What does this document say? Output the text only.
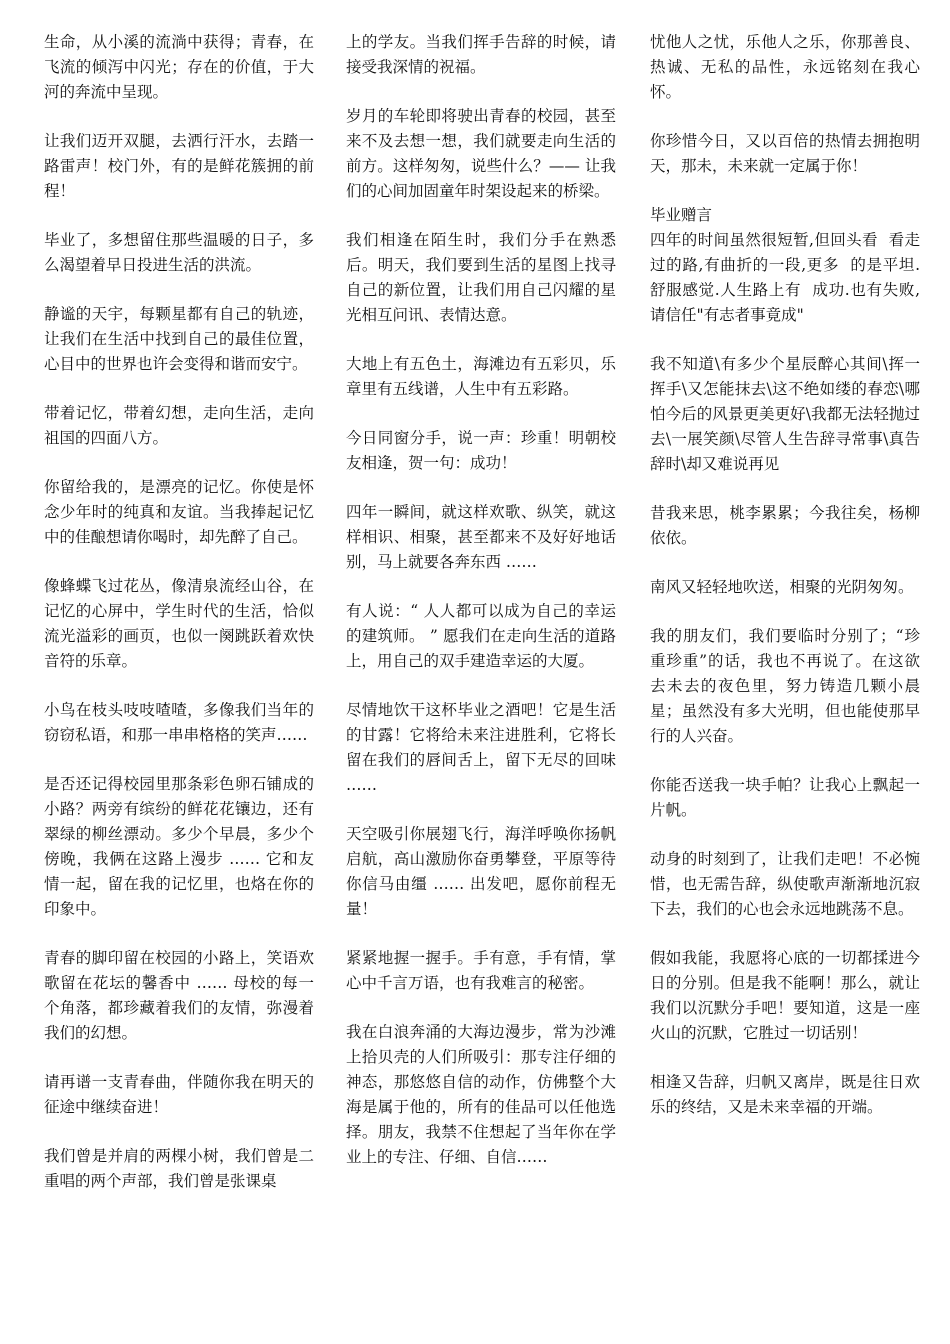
生命，从小溪的流淌中获得；青春，在飞流的倾泻中闪光；存在的价值，于大河的奔流中呈现。

让我们迈开双腿，去洒行汗水，去踏一路雷声！校门外，有的是鲜花簇拥的前程！

毕业了，多想留住那些温暖的日子，多么渴望着早日投进生活的洪流。

静谧的天宇，每颗星都有自己的轨迹，让我们在生活中找到自己的最佳位置，心目中的世界也许会变得和谐而安宁。

带着记忆，带着幻想，走向生活，走向祖国的四面八方。

你留给我的，是漂亮的记忆。你使是怀念少年时的纯真和友谊。当我捧起记忆中的佳酿想请你喝时，却先醉了自己。

像蜂蝶飞过花丛，像清泉流经山谷，在记忆的心屏中，学生时代的生活，恰似流光溢彩的画页，也似一阕跳跃着欢快音符的乐章。

小鸟在枝头吱吱喳喳，多像我们当年的窃窃私语，和那一串串格格的笑声……

是否还记得校园里那条彩色卵石铺成的小路？两旁有缤纷的鲜花花镶边，还有翠绿的柳丝漂动。多少个早晨，多少个傍晚，我俩在这路上漫步 …… 它和友情一起，留在我的记忆里，也烙在你的印象中。

青春的脚印留在校园的小路上，笑语欢歌留在花坛的馨香中 …… 母校的每一个角落，都珍藏着我们的友情，弥漫着我们的幻想。

请再谱一支青春曲，伴随你我在明天的征途中继续奋进！

我们曾是并肩的两棵小树，我们曾是二重唱的两个声部，我们曾是张课桌

上的学友。当我们挥手告辞的时候，请接受我深情的祝福。

岁月的车轮即将驶出青春的校园，甚至来不及去想一想，我们就要走向生活的前方。这样匆匆，说些什么？—— 让我们的心间加固童年时架设起来的桥梁。

我们相逢在陌生时，我们分手在熟悉后。明天，我们要到生活的星图上找寻自己的新位置，让我们用自己闪耀的星光相互问讯、表情达意。

大地上有五色土，海滩边有五彩贝，乐章里有五线谱，人生中有五彩路。

今日同窗分手，说一声：珍重！明朝校友相逢，贺一句：成功！

四年一瞬间，就这样欢歌、纵笑，就这样相识、相聚，甚至都来不及好好地话别，马上就要各奔东西 ……

有人说：“ 人人都可以成为自己的幸运的建筑师。 ” 愿我们在走向生活的道路上，用自己的双手建造幸运的大厦。

尽情地饮干这杯毕业之酒吧！它是生活的甘露！它将给未来注进胜利，它将长留在我们的唇间舌上，留下无尽的回味 ……

天空吸引你展翅飞行，海洋呼唤你扬帆启航，高山激励你奋勇攀登，平原等待你信马由缰 …… 出发吧，愿你前程无量！

紧紧地握一握手。手有意，手有情，掌心中千言万语，也有我难言的秘密。

我在白浪奔涌的大海边漫步，常为沙滩上拾贝壳的人们所吸引：那专注仔细的神态，那悠悠自信的动作，仿佛整个大海是属于他的，所有的佳品可以任他选择。朋友，我禁不住想起了当年你在学业上的专注、仔细、自信……

忧他人之忧，乐他人之乐，你那善良、热诚、无私的品性，永远铭刻在我心怀。

你珍惜今日，又以百倍的热情去拥抱明天，那未，未来就一定属于你！

毕业赠言
四年的时间虽然很短暂,但回头看  看走过的路,有曲折的一段,更多  的是平坦.舒服感觉.人生路上有  成功.也有失败,请信任"有志者事竟成"

我不知道\有多少个星辰醉心其间\挥一挥手\又怎能抹去\这不绝如缕的春恋\哪怕今后的风景更美更好\我都无法轻抛过去\一展笑颜\尽管人生告辞寻常事\真告辞时\却又难说再见

昔我来思，桃李累累；今我往矣，杨柳依依。

南风又轻轻地吹送，相聚的光阴匆匆。

我的朋友们，我们要临时分别了；“珍重珍重”的话，我也不再说了。在这欲去未去的夜色里，努力铸造几颗小晨星；虽然没有多大光明，但也能使那早行的人兴奋。

你能否送我一块手帕？让我心上飘起一片帆。

动身的时刻到了，让我们走吧！不必惋惜，也无需告辞，纵使歌声渐渐地沉寂下去，我们的心也会永远地跳荡不息。

假如我能，我愿将心底的一切都揉进今日的分别。但是我不能啊！那么，就让我们以沉默分手吧！要知道，这是一座火山的沉默，它胜过一切话别！

相逢又告辞，归帆又离岸，既是往日欢乐的终结，又是未来幸福的开端。
